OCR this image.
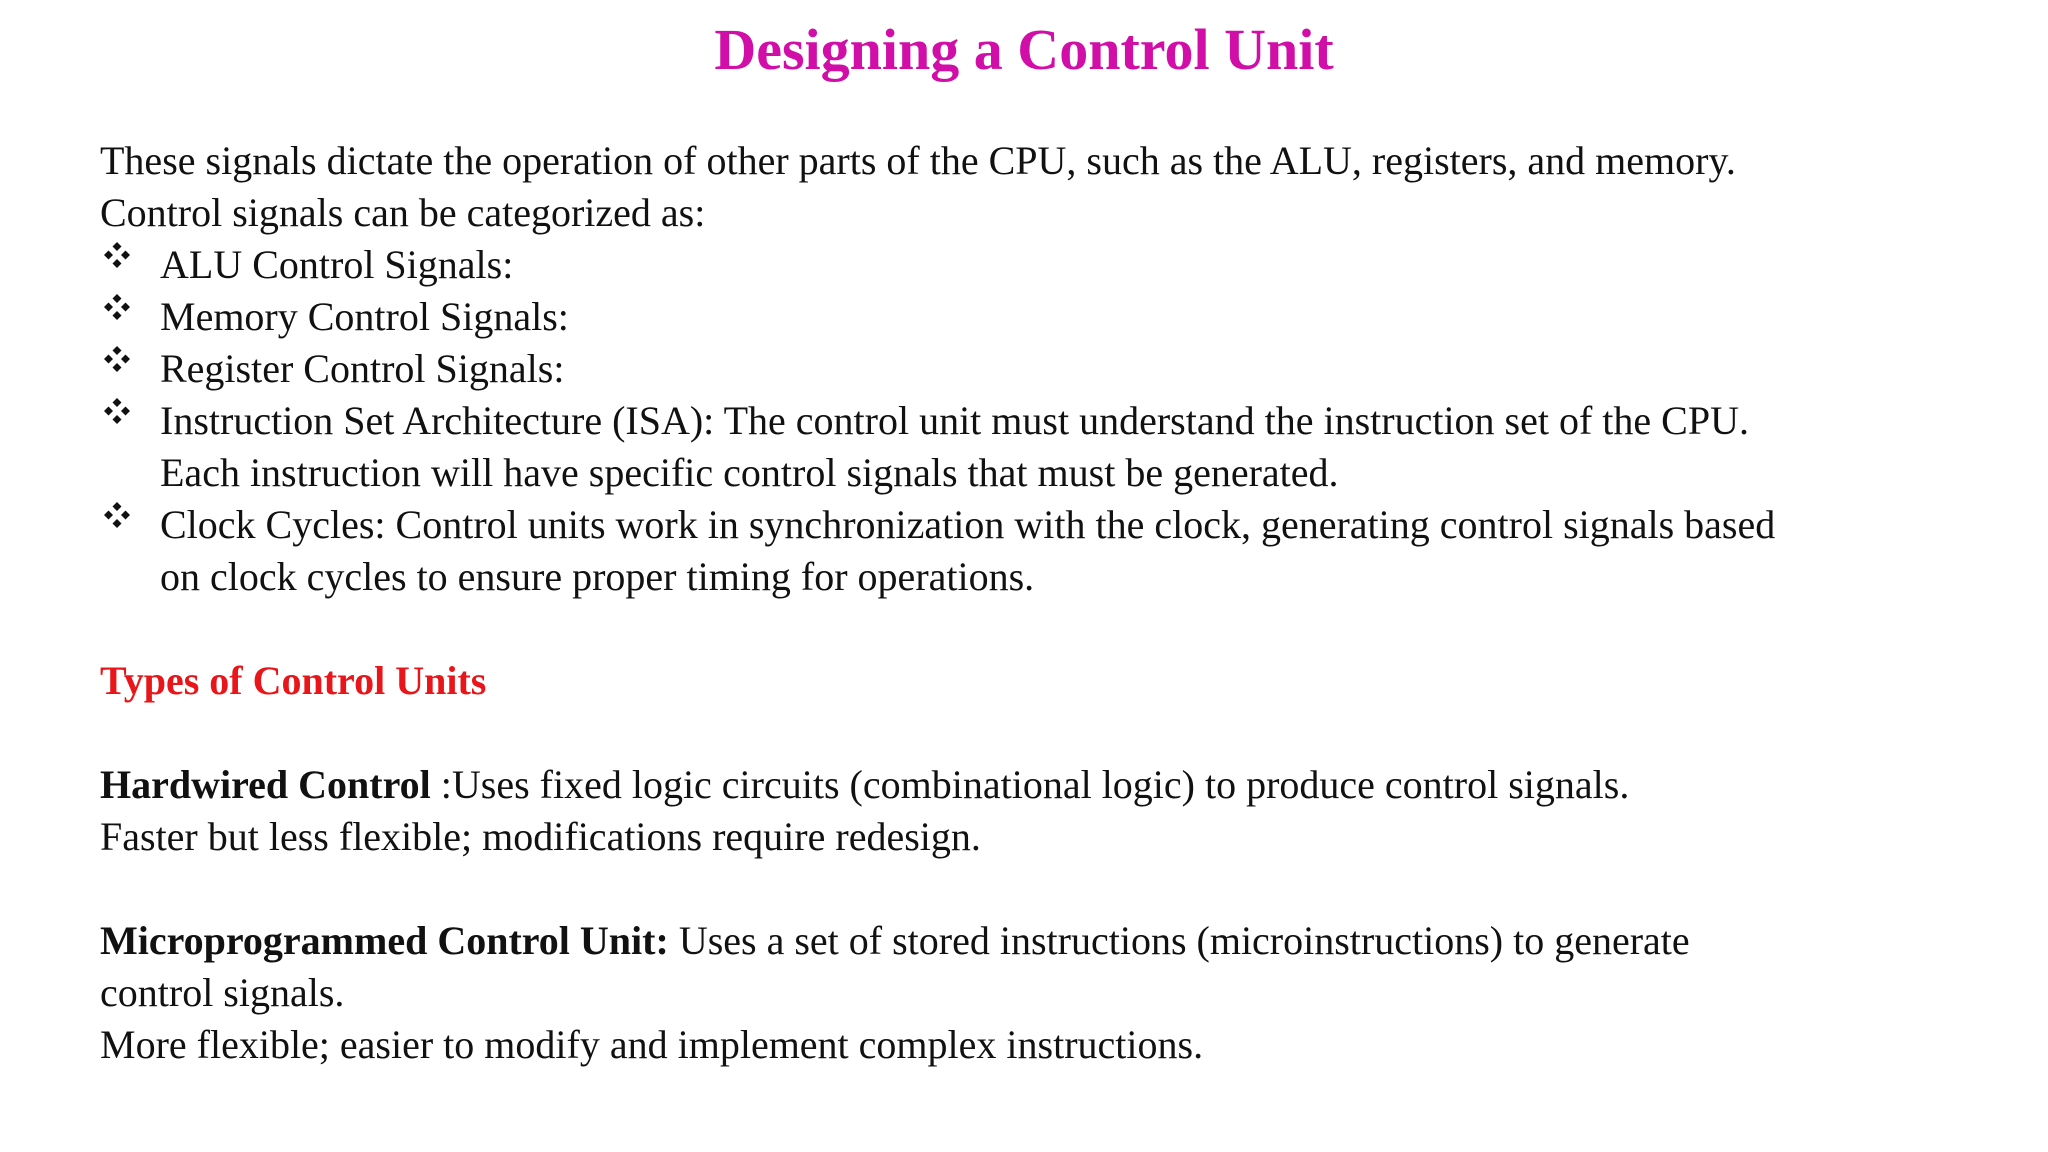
Designing a Control Unit

These signals dictate the operation of other parts of the CPU, such as the ALU, registers, and memory.

Control signals can be categorized as:

ALU Control Signals:
Memory Control Signals:
Register Control Signals:
Instruction Set Architecture (ISA): The control unit must understand the instruction set of the CPU.
Each instruction will have specific control signals that must be generated.
Clock Cycles: Control units work in synchronization with the clock, generating control signals based
on clock cycles to ensure proper timing for operations.

Types of Control Units

Hardwired Control :Uses fixed logic circuits (combinational logic) to produce control signals.

Faster but less flexible; modifications require redesign.

Microprogrammed Control Unit: Uses a set of stored instructions (microinstructions) to generate

control signals.

More flexible; easier to modify and implement complex instructions.
